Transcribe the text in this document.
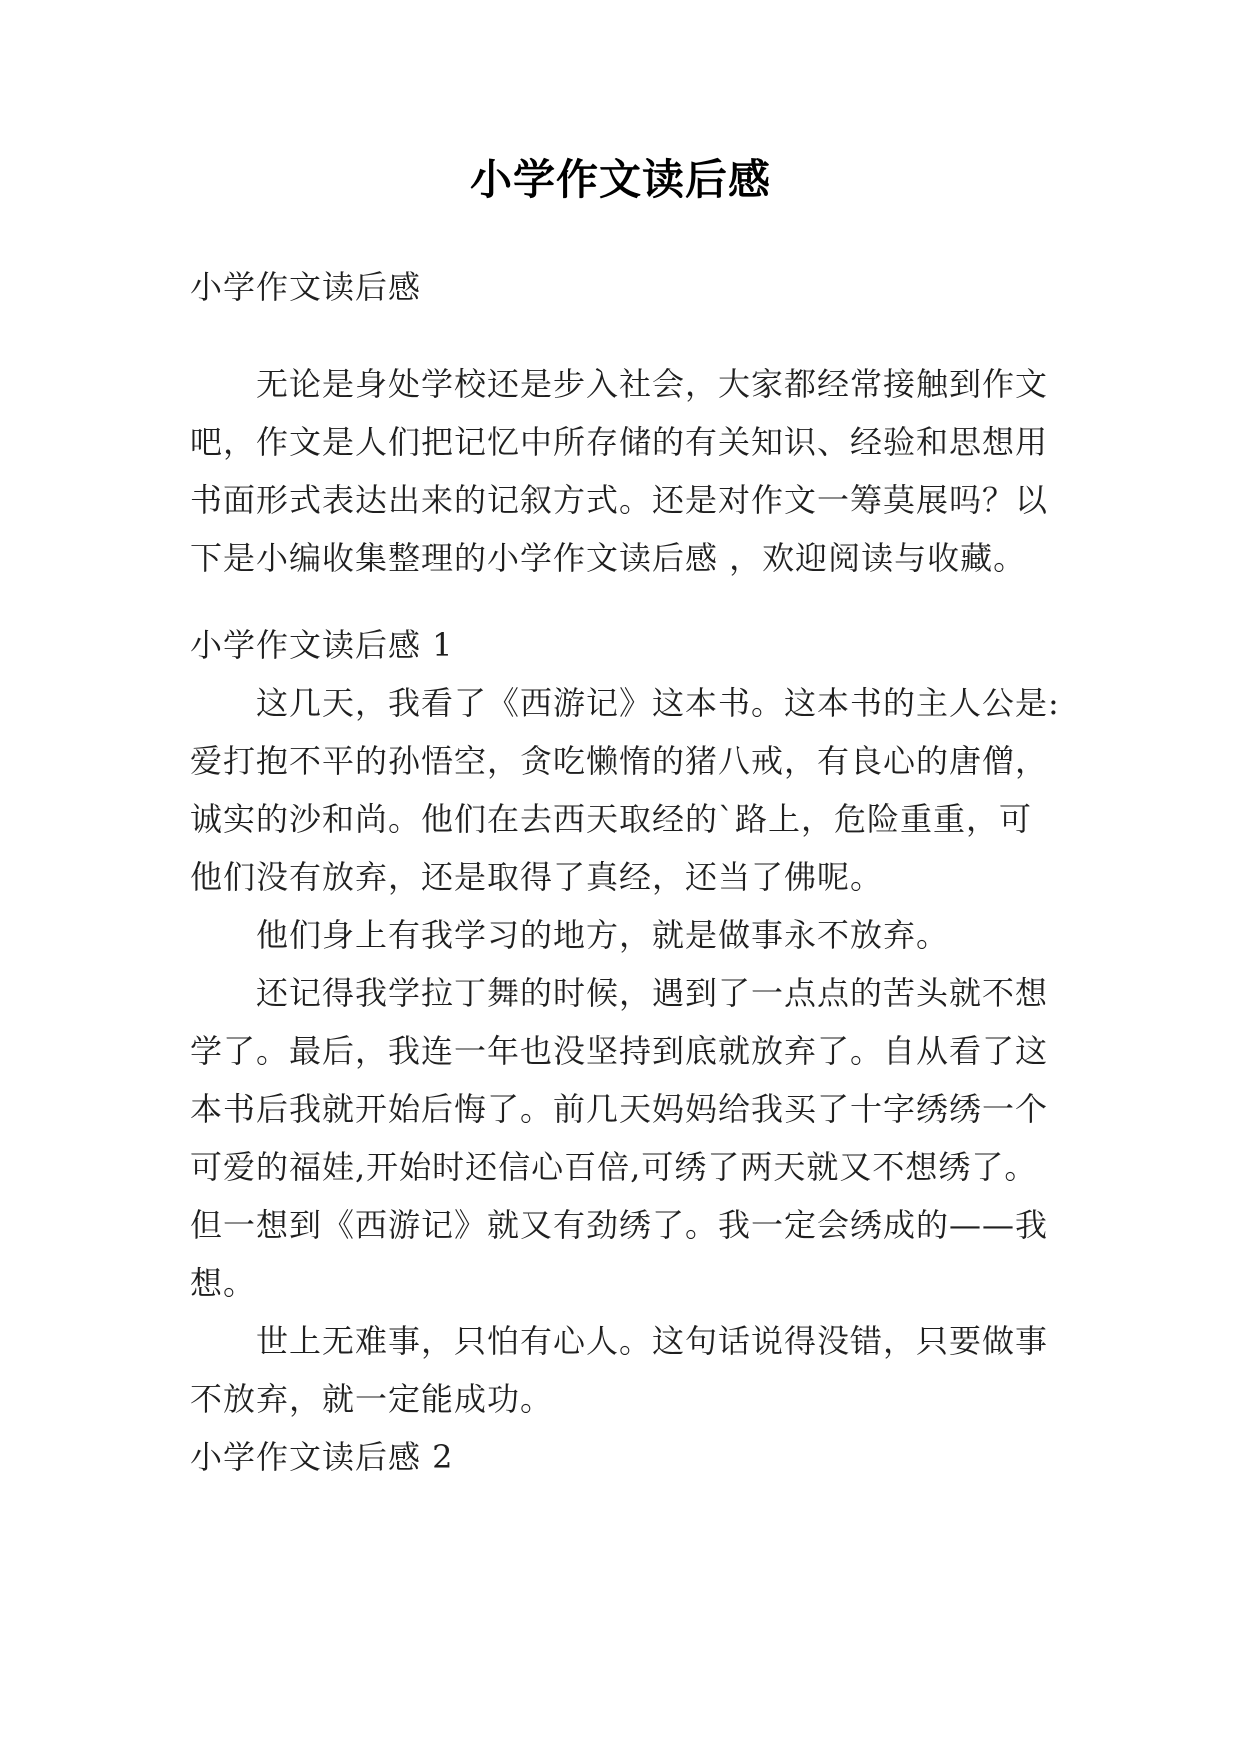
小学作文读后感

小学作文读后感

无论是身处学校还是步入社会，大家都经常接触到作文

吧，作文是人们把记忆中所存储的有关知识、经验和思想用

书面形式表达出来的记叙方式。还是对作文一筹莫展吗？以

下是小编收集整理的小学作文读后感 ，欢迎阅读与收藏。

小学作文读后感 1

这几天，我看了《西游记》这本书。这本书的主人公是:

爱打抱不平的孙悟空，贪吃懒惰的猪八戒，有良心的唐僧，

诚实的沙和尚。他们在去西天取经的`路上，危险重重，可

他们没有放弃，还是取得了真经，还当了佛呢。

他们身上有我学习的地方，就是做事永不放弃。

还记得我学拉丁舞的时候，遇到了一点点的苦头就不想

学了。最后，我连一年也没坚持到底就放弃了。自从看了这

本书后我就开始后悔了。前几天妈妈给我买了十字绣绣一个

可爱的福娃,开始时还信心百倍,可绣了两天就又不想绣了。

但一想到《西游记》就又有劲绣了。我一定会绣成的——我

想。

世上无难事，只怕有心人。这句话说得没错，只要做事

不放弃，就一定能成功。

小学作文读后感 2
